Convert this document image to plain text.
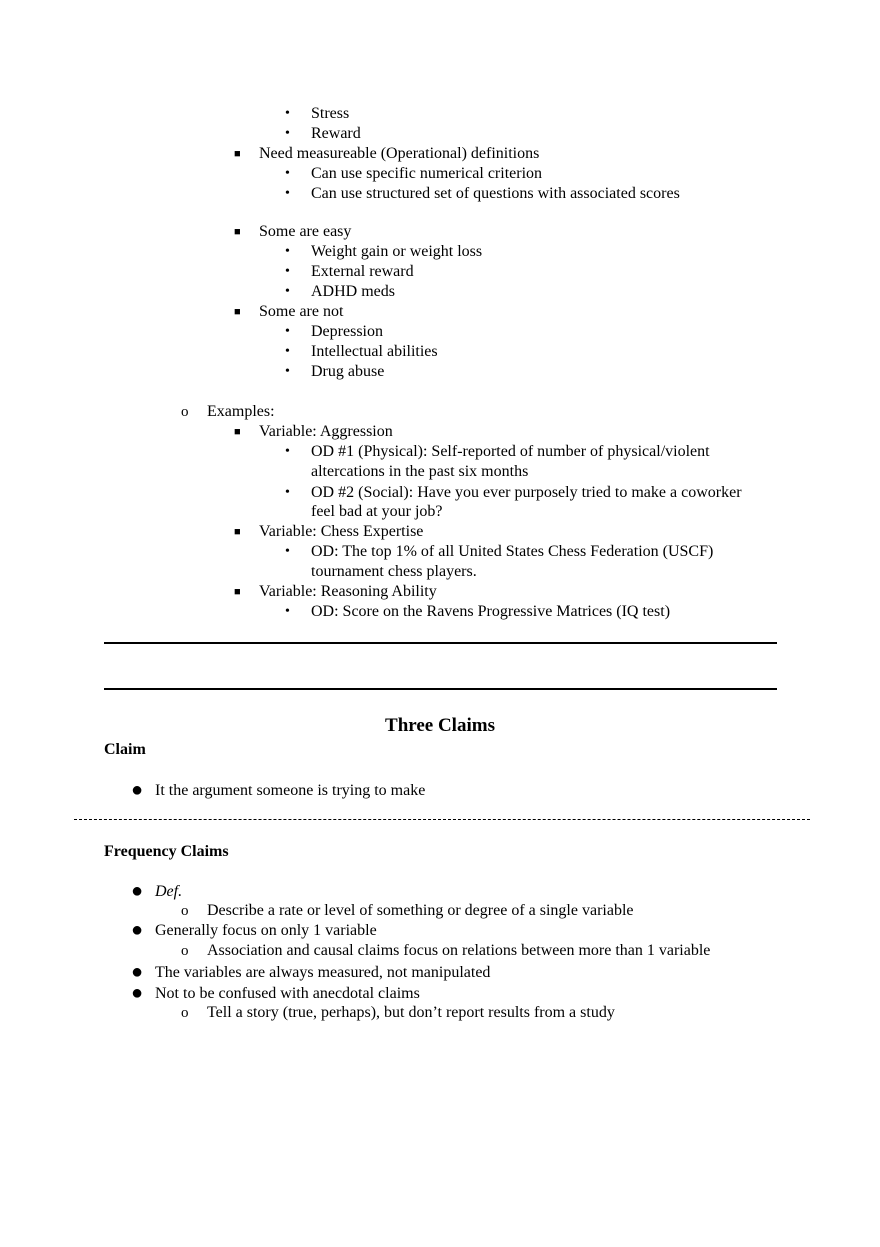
• Stress
• Reward
■ Need measureable (Operational) definitions
• Can use specific numerical criterion
• Can use structured set of questions with associated scores
■ Some are easy
• Weight gain or weight loss
• External reward
• ADHD meds
■ Some are not
• Depression
• Intellectual abilities
• Drug abuse
o Examples:
■ Variable: Aggression
• OD #1 (Physical): Self-reported of number of physical/violent
altercations in the past six months
• OD #2 (Social): Have you ever purposely tried to make a coworker
feel bad at your job?
■ Variable: Chess Expertise
• OD: The top 1% of all United States Chess Federation (USCF)
tournament chess players.
■ Variable: Reasoning Ability
• OD: Score on the Ravens Progressive Matrices (IQ test)
Three Claims
Claim
● It the argument someone is trying to make
Frequency Claims
● Def.
o Describe a rate or level of something or degree of a single variable
● Generally focus on only 1 variable
o Association and causal claims focus on relations between more than 1 variable
● The variables are always measured, not manipulated
● Not to be confused with anecdotal claims
o Tell a story (true, perhaps), but don’t report results from a study
